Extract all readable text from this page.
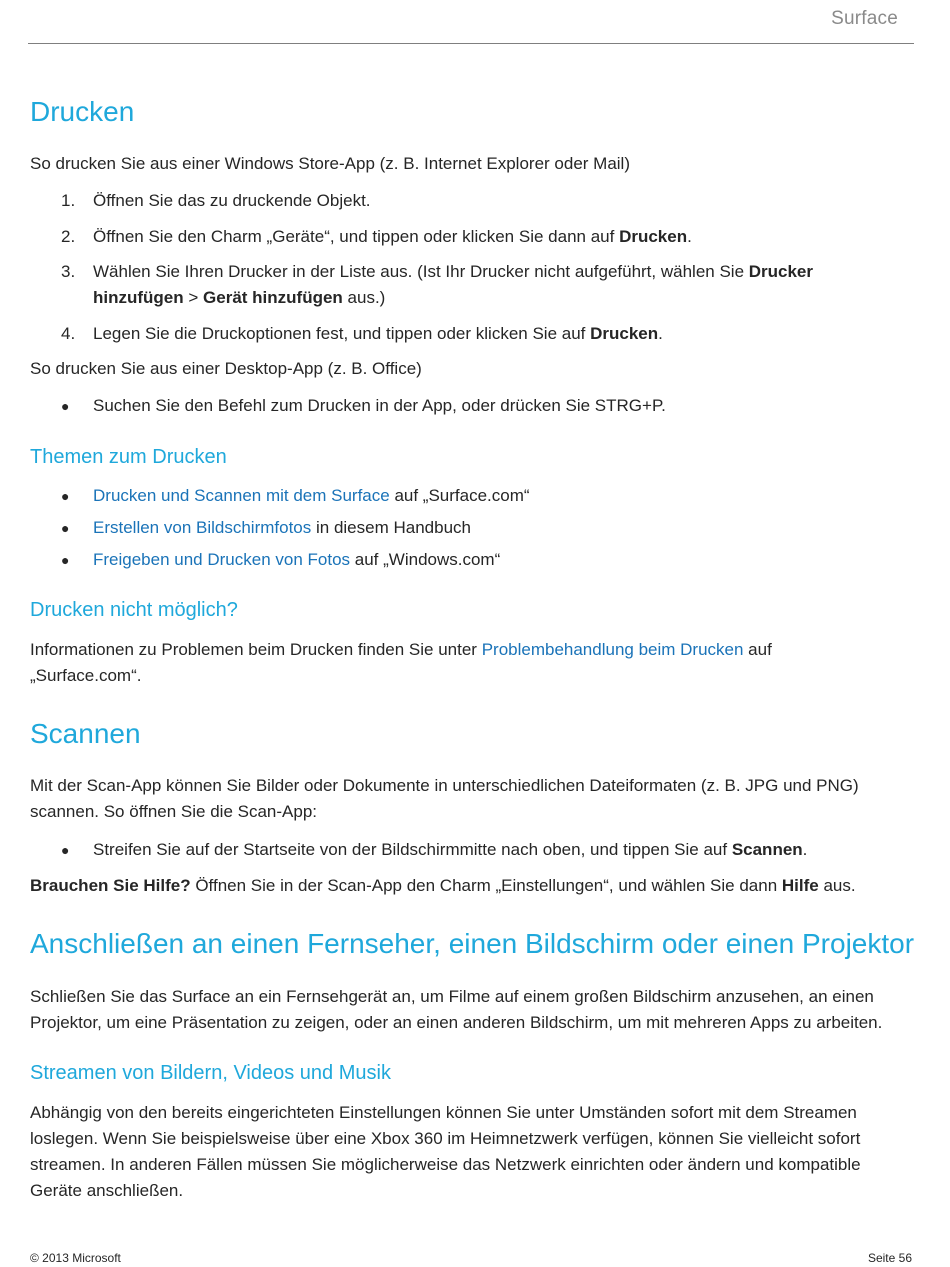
Surface
Drucken

So drucken Sie aus einer Windows Store-App (z. B. Internet Explorer oder Mail)

1.	Öffnen Sie das zu druckende Objekt.
2.	Öffnen Sie den Charm „Geräte“, und tippen oder klicken Sie dann auf Drucken.
3.	Wählen Sie Ihren Drucker in der Liste aus. (Ist Ihr Drucker nicht aufgeführt, wählen Sie Drucker hinzufügen > Gerät hinzufügen aus.)
4.	Legen Sie die Druckoptionen fest, und tippen oder klicken Sie auf Drucken.

So drucken Sie aus einer Desktop-App (z. B. Office)

● Suchen Sie den Befehl zum Drucken in der App, oder drücken Sie STRG+P.
Themen zum Drucken
● Drucken und Scannen mit dem Surface auf „Surface.com“
● Erstellen von Bildschirmfotos in diesem Handbuch
● Freigeben und Drucken von Fotos auf „Windows.com“
Drucken nicht möglich?

Informationen zu Problemen beim Drucken finden Sie unter Problembehandlung beim Drucken auf „Surface.com“.

Scannen

Mit der Scan-App können Sie Bilder oder Dokumente in unterschiedlichen Dateiformaten (z. B. JPG und PNG) scannen. So öffnen Sie die Scan-App:

● Streifen Sie auf der Startseite von der Bildschirmmitte nach oben, und tippen Sie auf Scannen.

Brauchen Sie Hilfe? Öffnen Sie in der Scan-App den Charm „Einstellungen“, und wählen Sie dann Hilfe aus.

Anschließen an einen Fernseher, einen Bildschirm oder einen Projektor

Schließen Sie das Surface an ein Fernsehgerät an, um Filme auf einem großen Bildschirm anzusehen, an einen Projektor, um eine Präsentation zu zeigen, oder an einen anderen Bildschirm, um mit mehreren Apps zu arbeiten.

Streamen von Bildern, Videos und Musik

Abhängig von den bereits eingerichteten Einstellungen können Sie unter Umständen sofort mit dem Streamen loslegen. Wenn Sie beispielsweise über eine Xbox 360 im Heimnetzwerk verfügen, können Sie vielleicht sofort streamen. In anderen Fällen müssen Sie möglicherweise das Netzwerk einrichten oder ändern und kompatible Geräte anschließen.

© 2013 Microsoft	Seite 56
